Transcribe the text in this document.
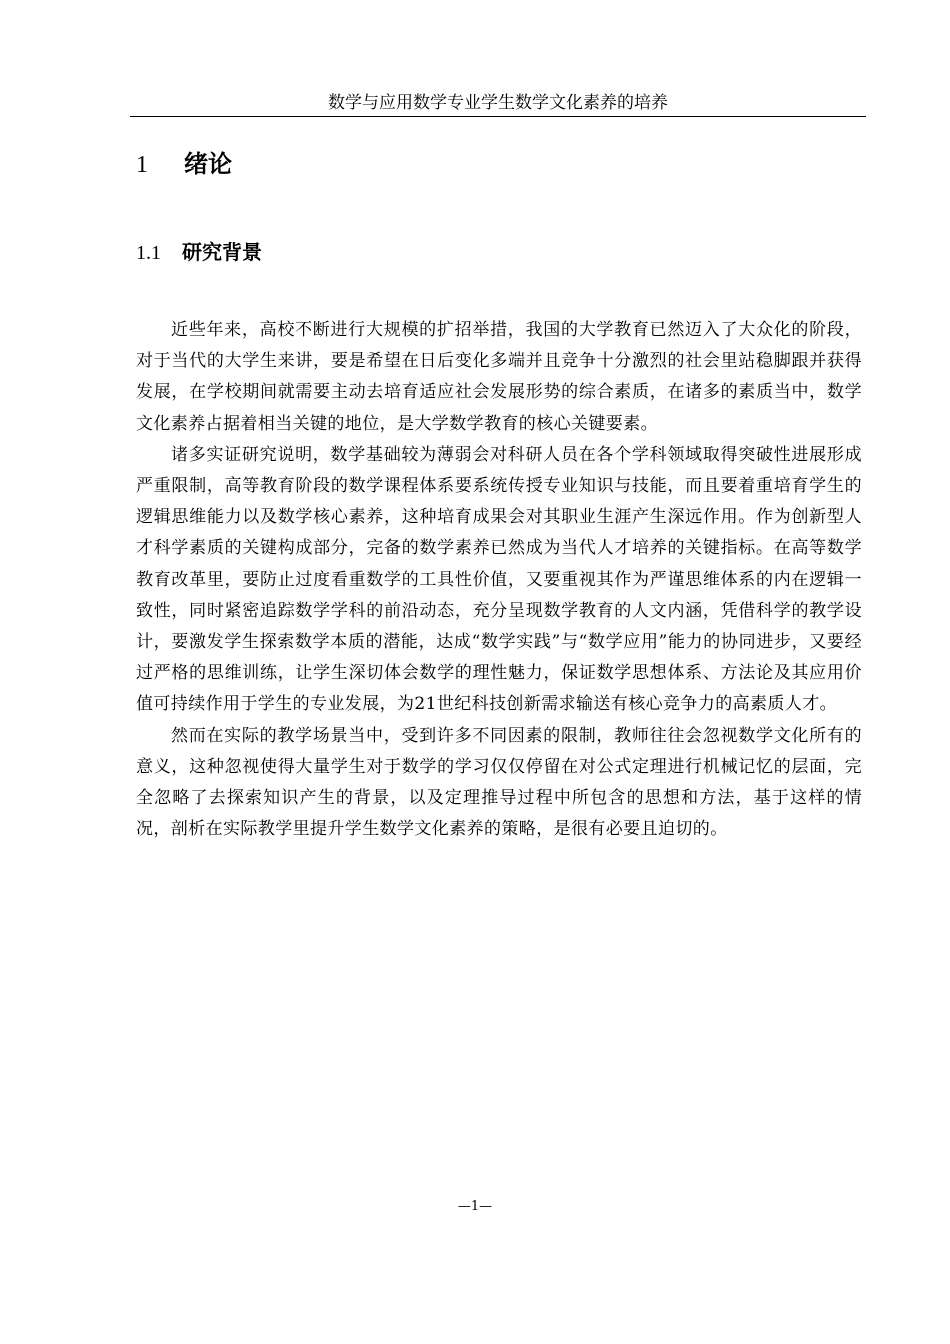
数学与应用数学专业学生数学文化素养的培养
1 绪论
1.1 研究背景

近些年来，高校不断进行大规模的扩招举措，我国的大学教育已然迈入了大众化的阶段，对于当代的大学生来讲，要是希望在日后变化多端并且竞争十分激烈的社会里站稳脚跟并获得发展，在学校期间就需要主动去培育适应社会发展形势的综合素质，在诸多的素质当中，数学文化素养占据着相当关键的地位，是大学数学教育的核心关键要素。

诸多实证研究说明，数学基础较为薄弱会对科研人员在各个学科领域取得突破性进展形成严重限制，高等教育阶段的数学课程体系要系统传授专业知识与技能，而且要着重培育学生的逻辑思维能力以及数学核心素养，这种培育成果会对其职业生涯产生深远作用。作为创新型人才科学素质的关键构成部分，完备的数学素养已然成为当代人才培养的关键指标。在高等数学教育改革里，要防止过度看重数学的工具性价值，又要重视其作为严谨思维体系的内在逻辑一致性，同时紧密追踪数学学科的前沿动态，充分呈现数学教育的人文内涵，凭借科学的教学设计，要激发学生探索数学本质的潜能，达成“数学实践”与“数学应用”能力的协同进步，又要经过严格的思维训练，让学生深切体会数学的理性魅力，保证数学思想体系、方法论及其应用价值可持续作用于学生的专业发展，为21世纪科技创新需求输送有核心竞争力的高素质人才。

然而在实际的教学场景当中，受到许多不同因素的限制，教师往往会忽视数学文化所有的意义，这种忽视使得大量学生对于数学的学习仅仅停留在对公式定理进行机械记忆的层面，完全忽略了去探索知识产生的背景，以及定理推导过程中所包含的思想和方法，基于这样的情况，剖析在实际教学里提升学生数学文化素养的策略，是很有必要且迫切的。

—1—
